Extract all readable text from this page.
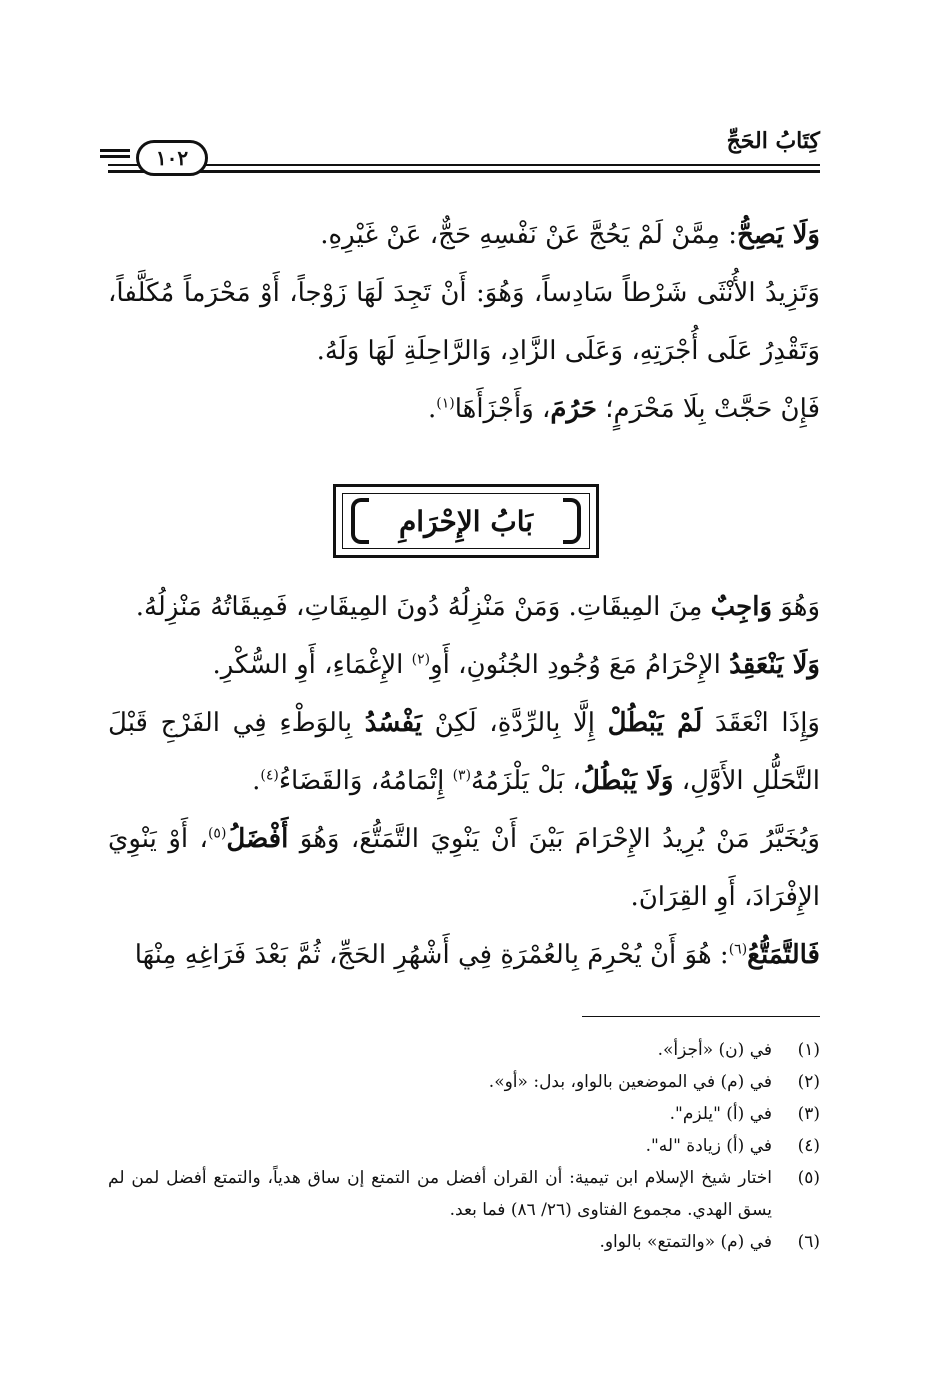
كِتَابُ الحَجِّ
١٠٢

وَلَا يَصِحُّ: مِمَّنْ لَمْ يَحُجَّ عَنْ نَفْسِهِ حَجٌّ، عَنْ غَيْرِهِ.

وَتَزِيدُ الأُنْثَى شَرْطاً سَادِساً، وَهُوَ: أَنْ تَجِدَ لَهَا زَوْجاً، أَوْ مَحْرَماً مُكَلَّفاً، وَتَقْدِرُ عَلَى أُجْرَتِهِ، وَعَلَى الزَّادِ، وَالرَّاحِلَةِ لَهَا وَلَهُ.

فَإِنْ حَجَّتْ بِلَا مَحْرَمٍ؛ حَرُمَ، وَأَجْزَأَهَا$^{(١)}$.

بَابُ الإِحْرَامِ

وَهُوَ وَاجِبٌ مِنَ المِيقَاتِ. وَمَنْ مَنْزِلُهُ دُونَ المِيقَاتِ، فَمِيقَاتُهُ مَنْزِلُهُ.

وَلَا يَنْعَقِدُ الإِحْرَامُ مَعَ وُجُودِ الجُنُونِ، أَوِ$^{(٢)}$ الإِغْمَاءِ، أَوِ السُّكْرِ.

وَإِذَا انْعَقَدَ لَمْ يَبْطُلْ إِلَّا بِالرِّدَّةِ، لَكِنْ يَفْسُدُ بِالوَطْءِ فِي الفَرْجِ قَبْلَ التَّحَلُّلِ الأَوَّلِ، وَلَا يَبْطُلُ، بَلْ يَلْزَمُهُ$^{(٣)}$ إِتْمَامُهُ، وَالقَضَاءُ$^{(٤)}$.

وَيُخَيَّرُ مَنْ يُرِيدُ الإِحْرَامَ بَيْنَ أَنْ يَنْوِيَ التَّمَتُّعَ، وَهُوَ أَفْضَلُ$^{(٥)}$، أَوْ يَنْوِيَ الإِفْرَادَ، أَوِ القِرَانَ.

فَالتَّمَتُّعُ$^{(٦)}$: هُوَ أَنْ يُحْرِمَ بِالعُمْرَةِ فِي أَشْهُرِ الحَجِّ، ثُمَّ بَعْدَ فَرَاغِهِ مِنْهَا

(١)
في (ن) «أجزأ».
(٢)
في (م) في الموضعين بالواو، بدل: «أو».
(٣)
في (أ) "يلزم".
(٤)
في (أ) زيادة "له".
(٥)
اختار شيخ الإسلام ابن تيمية: أن القران أفضل من التمتع إن ساق هدياً، والتمتع أفضل لمن لم يسق الهدي. مجموع الفتاوى (٢٦/ ٨٦) فما بعد.
(٦)
في (م) «والتمتع» بالواو.
